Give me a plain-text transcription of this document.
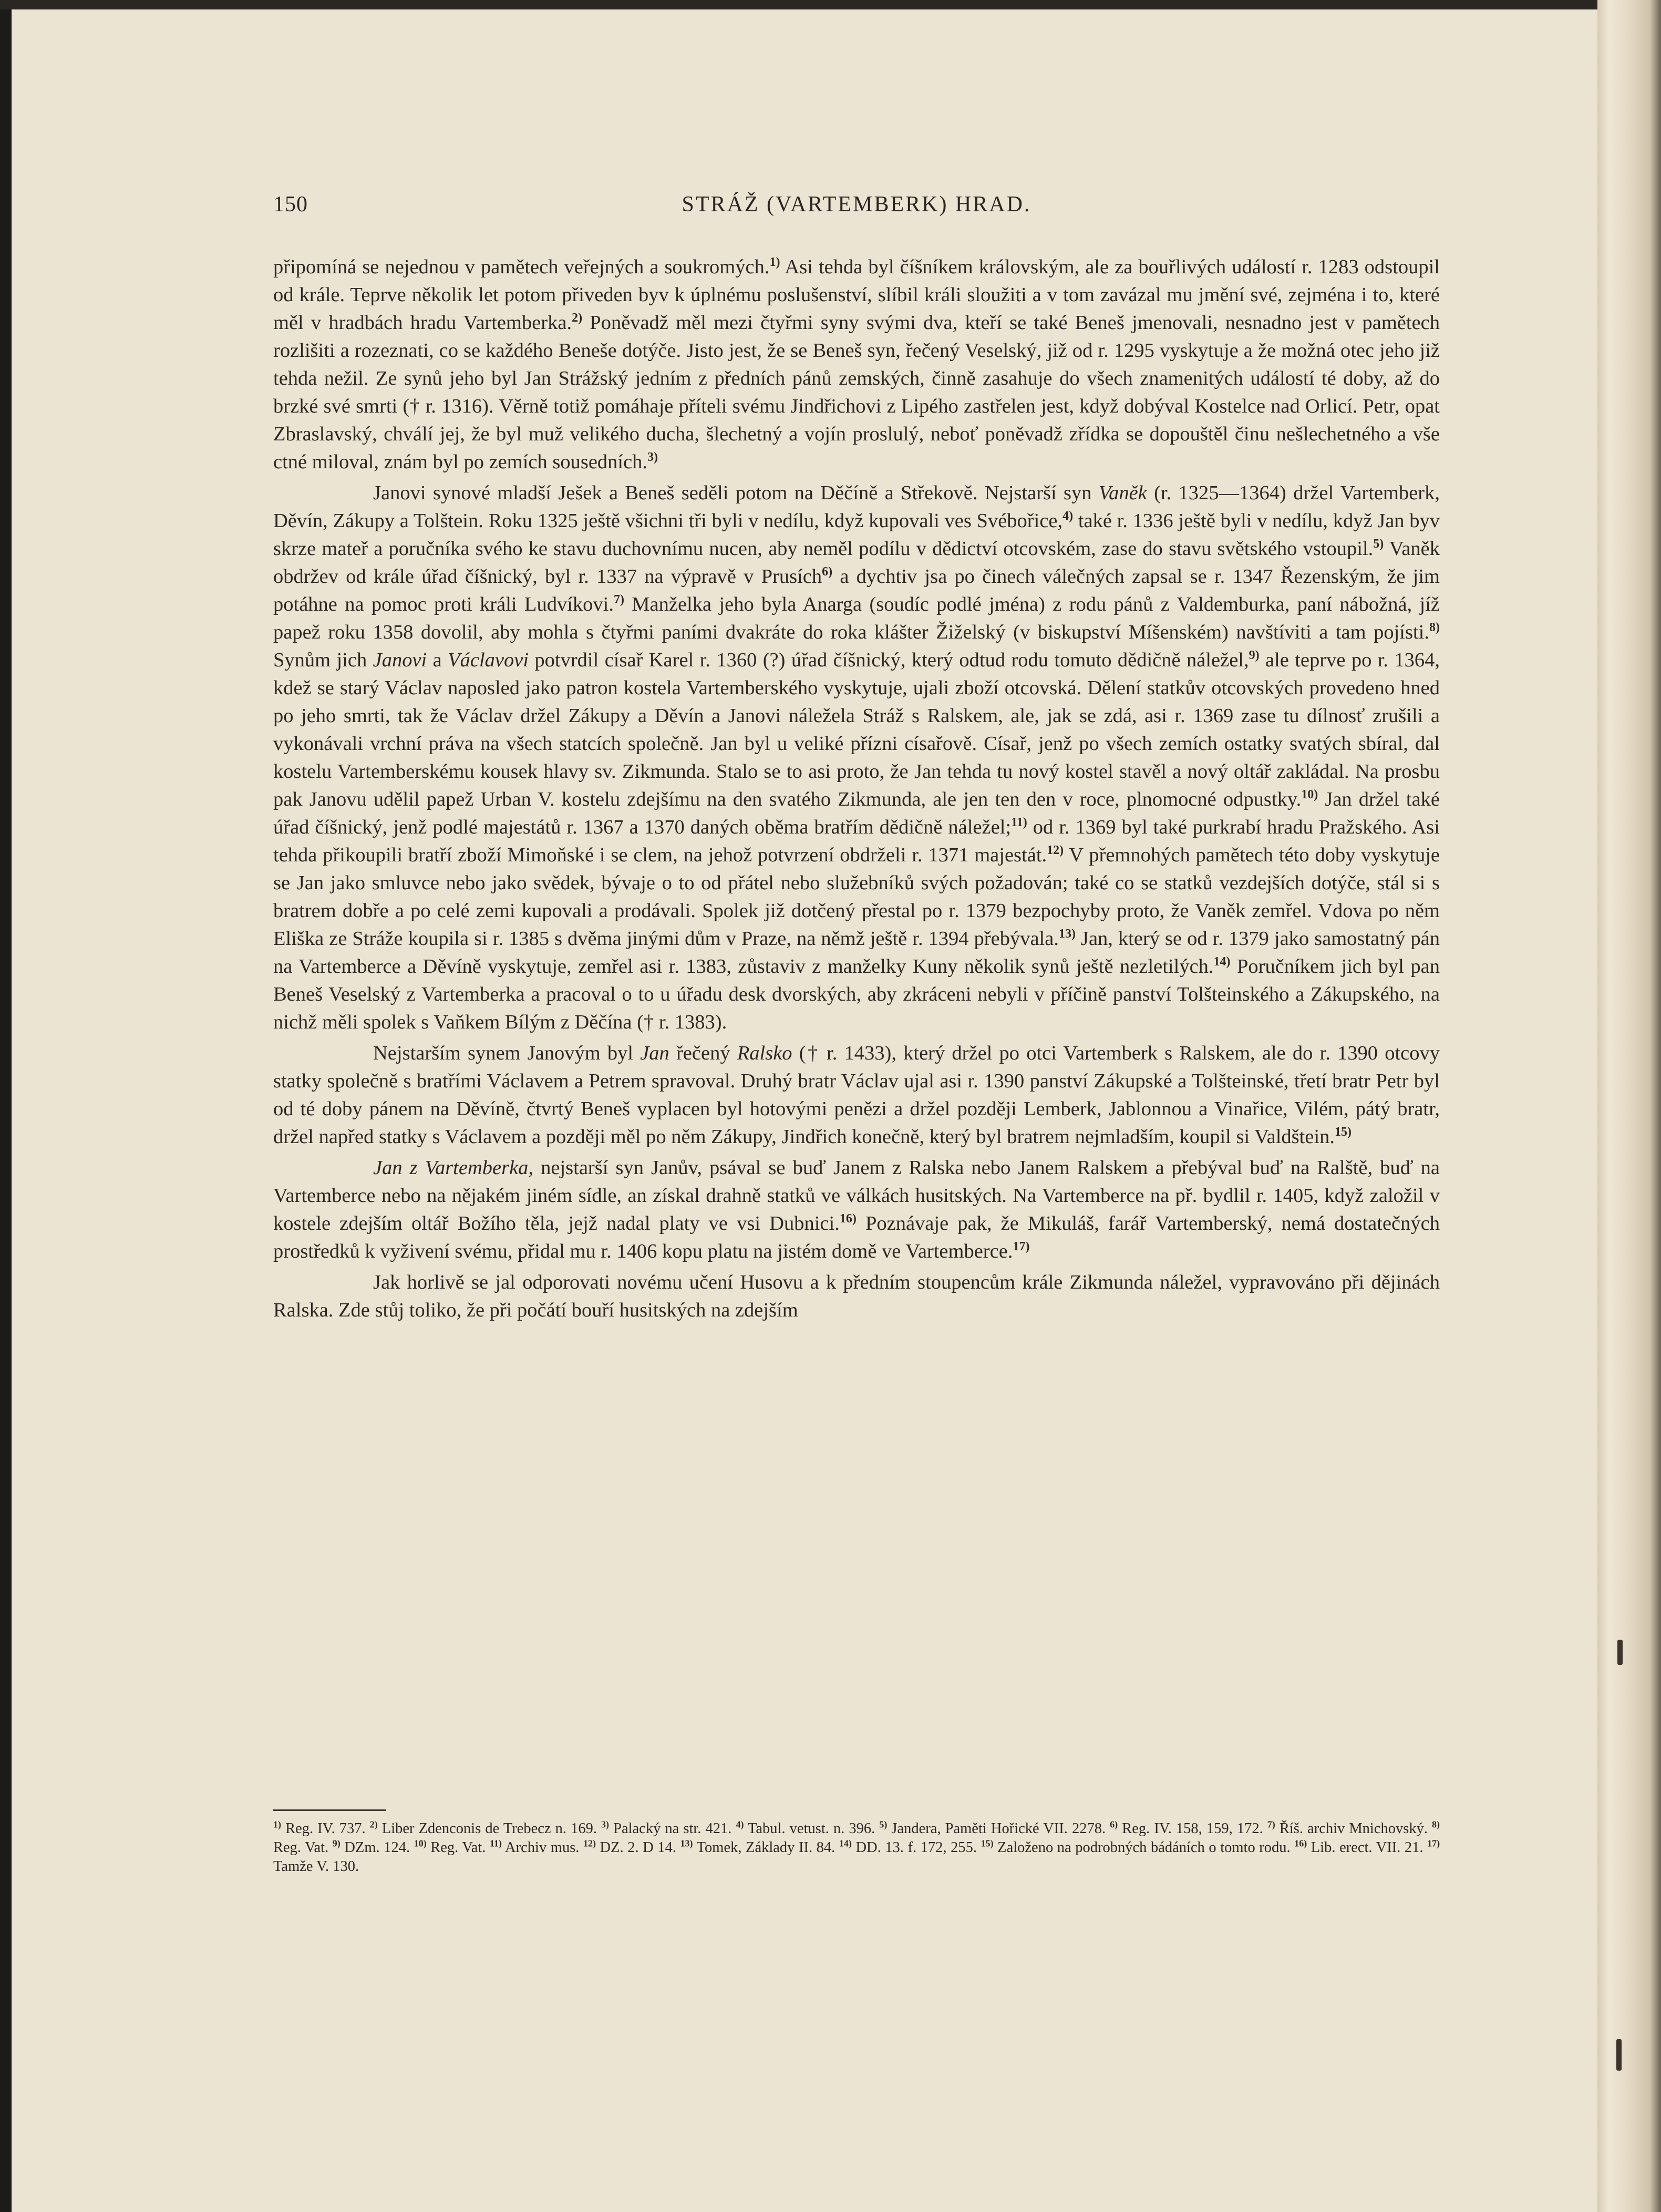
150	STRÁŽ (VARTEMBERK) HRAD.

připomíná se nejednou v pamětech veřejných a soukromých.$^{1)}$ Asi tehda byl číšníkem královským, ale za bouřlivých událostí r. 1283 odstoupil od krále. Teprve několik let potom přiveden byv k úplnému poslušenství, slíbil králi sloužiti a v tom zavázal mu jmění své, zejména i to, které měl v hradbách hradu Vartemberka.$^{2)}$ Poněvadž měl mezi čtyřmi syny svými dva, kteří se také Beneš jmenovali, nesnadno jest v pamětech rozlišiti a rozeznati, co se každého Beneše dotýče. Jisto jest, že se Beneš syn, řečený Veselský, již od r. 1295 vyskytuje a že možná otec jeho již tehda nežil. Ze synů jeho byl Jan Strážský jedním z předních pánů zemských, činně zasahuje do všech znamenitých událostí té doby, až do brzké své smrti († r. 1316). Věrně totiž pomáhaje příteli svému Jindřichovi z Lipého zastřelen jest, když dobýval Kostelce nad Orlicí. Petr, opat Zbraslavský, chválí jej, že byl muž velikého ducha, šlechetný a vojín proslulý, neboť poněvadž zřídka se dopouštěl činu nešlechetného a vše ctné miloval, znám byl po zemích sousedních.$^{3)}$

Janovi synové mladší Ješek a Beneš seděli potom na Děčíně a Střekově. Nejstarší syn Vaněk (r. 1325—1364) držel Vartemberk, Děvín, Zákupy a Tolštein. Roku 1325 ještě všichni tři byli v nedílu, když kupovali ves Svébořice,$^{4)}$ také r. 1336 ještě byli v nedílu, když Jan byv skrze mateř a poručníka svého ke stavu duchovnímu nucen, aby neměl podílu v dědictví otcovském, zase do stavu světského vstoupil.$^{5)}$ Vaněk obdržev od krále úřad číšnický, byl r. 1337 na výpravě v Prusích$^{6)}$ a dychtiv jsa po činech válečných zapsal se r. 1347 Řezenským, že jim potáhne na pomoc proti králi Ludvíkovi.$^{7)}$ Manželka jeho byla Anarga (soudíc podlé jména) z rodu pánů z Valdemburka, paní nábožná, jíž papež roku 1358 dovolil, aby mohla s čtyřmi paními dvakráte do roka klášter Žiželský (v biskupství Míšenském) navštíviti a tam pojísti.$^{8)}$ Synům jich Janovi a Václavovi potvrdil císař Karel r. 1360 (?) úřad číšnický, který odtud rodu tomuto dědičně náležel,$^{9)}$ ale teprve po r. 1364, kdež se starý Václav naposled jako patron kostela Vartemberského vyskytuje, ujali zboží otcovská. Dělení statkův otcovských provedeno hned po jeho smrti, tak že Václav držel Zákupy a Děvín a Janovi náležela Stráž s Ralskem, ale, jak se zdá, asi r. 1369 zase tu dílnosť zrušili a vykonávali vrchní práva na všech statcích společně. Jan byl u veliké přízni císařově. Císař, jenž po všech zemích ostatky svatých sbíral, dal kostelu Vartemberskému kousek hlavy sv. Zikmunda. Stalo se to asi proto, že Jan tehda tu nový kostel stavěl a nový oltář zakládal. Na prosbu pak Janovu udělil papež Urban V. kostelu zdejšímu na den svatého Zikmunda, ale jen ten den v roce, plnomocné odpustky.$^{10)}$ Jan držel také úřad číšnický, jenž podlé majestátů r. 1367 a 1370 daných oběma bratřím dědičně náležel;$^{11)}$ od r. 1369 byl také purkrabí hradu Pražského. Asi tehda přikoupili bratří zboží Mimoňské i se clem, na jehož potvrzení obdrželi r. 1371 majestát.$^{12)}$ V přemnohých pamětech této doby vyskytuje se Jan jako smluvce nebo jako svědek, bývaje o to od přátel nebo služebníků svých požadován; také co se statků vezdejších dotýče, stál si s bratrem dobře a po celé zemi kupovali a prodávali. Spolek již dotčený přestal po r. 1379 bezpochyby proto, že Vaněk zemřel. Vdova po něm Eliška ze Stráže koupila si r. 1385 s dvěma jinými dům v Praze, na němž ještě r. 1394 přebývala.$^{13)}$ Jan, který se od r. 1379 jako samostatný pán na Vartemberce a Děvíně vyskytuje, zemřel asi r. 1383, zůstaviv z manželky Kuny několik synů ještě nezletilých.$^{14)}$ Poručníkem jich byl pan Beneš Veselský z Vartemberka a pracoval o to u úřadu desk dvorských, aby zkráceni nebyli v příčině panství Tolšteinského a Zákupského, na nichž měli spolek s Vaňkem Bílým z Děčína († r. 1383).

Nejstarším synem Janovým byl Jan řečený Ralsko († r. 1433), který držel po otci Vartemberk s Ralskem, ale do r. 1390 otcovy statky společně s bratřími Václavem a Petrem spravoval. Druhý bratr Václav ujal asi r. 1390 panství Zákupské a Tolšteinské, třetí bratr Petr byl od té doby pánem na Děvíně, čtvrtý Beneš vyplacen byl hotovými penězi a držel později Lemberk, Jablonnou a Vinařice, Vilém, pátý bratr, držel napřed statky s Václavem a později měl po něm Zákupy, Jindřich konečně, který byl bratrem nejmladším, koupil si Valdštein.$^{15)}$

Jan z Vartemberka, nejstarší syn Janův, psával se buď Janem z Ralska nebo Janem Ralskem a přebýval buď na Ralště, buď na Vartemberce nebo na nějakém jiném sídle, an získal drahně statků ve válkách husitských. Na Vartemberce na př. bydlil r. 1405, když založil v kostele zdejším oltář Božího těla, jejž nadal platy ve vsi Dubnici.$^{16)}$ Poznávaje pak, že Mikuláš, farář Vartemberský, nemá dostatečných prostředků k vyživení svému, přidal mu r. 1406 kopu platu na jistém domě ve Vartemberce.$^{17)}$

Jak horlivě se jal odporovati novému učení Husovu a k předním stoupencům krále Zikmunda náležel, vypravováno při dějinách Ralska. Zde stůj toliko, že při počátí bouří husitských na zdejším

$^{1)}$ Reg. IV. 737. $^{2)}$ Liber Zdenconis de Trebecz n. 169. $^{3)}$ Palacký na str. 421. $^{4)}$ Tabul. vetust. n. 396. $^{5)}$ Jandera, Paměti Hořické VII. 2278. $^{6)}$ Reg. IV. 158, 159, 172. $^{7)}$ Říš. archiv Mnichovský. $^{8)}$ Reg. Vat. $^{9)}$ DZm. 124. $^{10)}$ Reg. Vat. $^{11)}$ Archiv mus. $^{12)}$ DZ. 2. D 14. $^{13)}$ Tomek, Základy II. 84. $^{14)}$ DD. 13. f. 172, 255. $^{15)}$ Založeno na podrobných bádáních o tomto rodu. $^{16)}$ Lib. erect. VII. 21. $^{17)}$ Tamže V. 130.
